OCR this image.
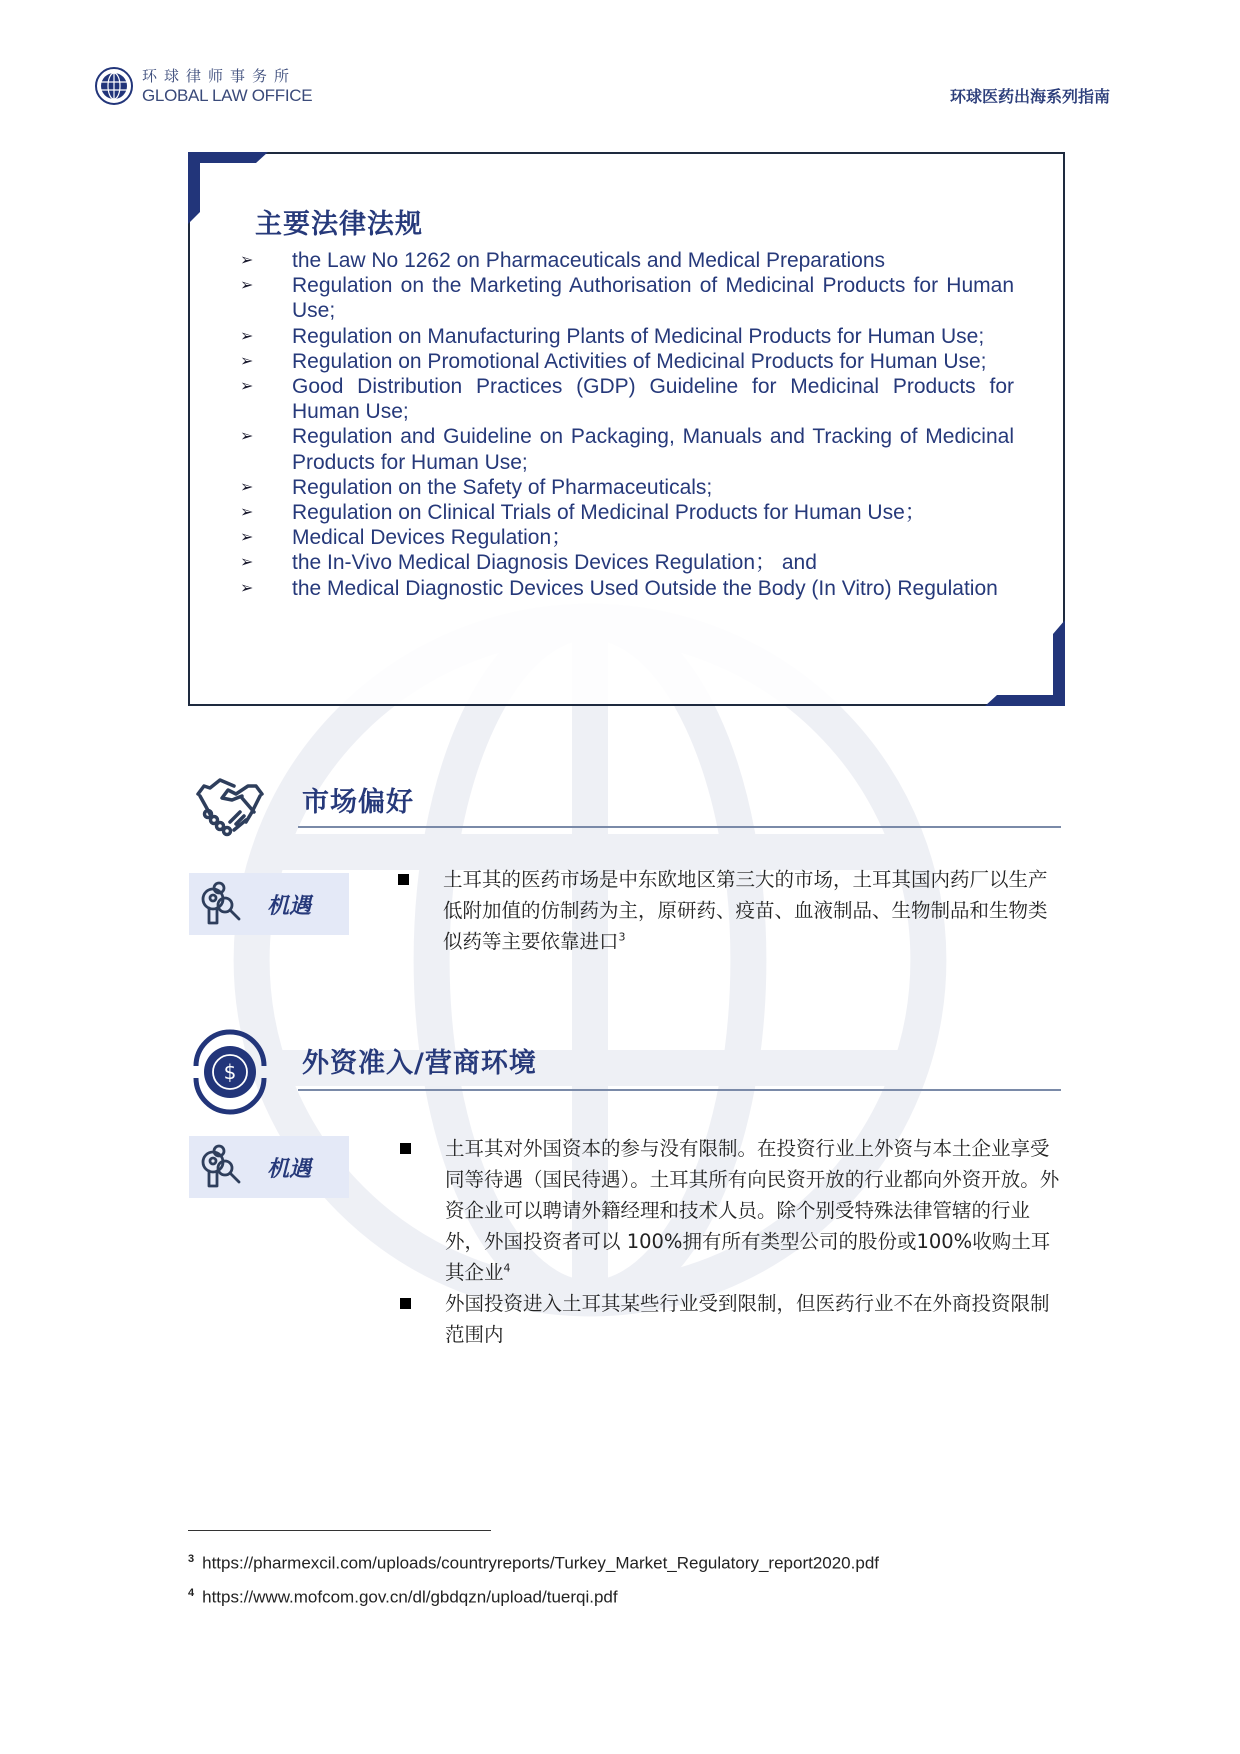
环球律师事务所
GLOBAL LAW OFFICE	环球医药出海系列指南
主要法律法规
➢ the Law No 1262 on Pharmaceuticals and Medical Preparations
➢ Regulation on the Marketing Authorisation of Medicinal Products for Human Use;
➢ Regulation on Manufacturing Plants of Medicinal Products for Human Use;
➢ Regulation on Promotional Activities of Medicinal Products for Human Use;
➢ Good Distribution Practices (GDP) Guideline for Medicinal Products for Human Use;
➢ Regulation and Guideline on Packaging, Manuals and Tracking of Medicinal Products for Human Use;
➢ Regulation on the Safety of Pharmaceuticals;
➢ Regulation on Clinical Trials of Medicinal Products for Human Use；
➢ Medical Devices Regulation；
➢ the In-Vivo Medical Diagnosis Devices Regulation； and
➢ the Medical Diagnostic Devices Used Outside the Body (In Vitro) Regulation
市场偏好
机遇
土耳其的医药市场是中东欧地区第三大的市场，土耳其国内药厂以生产低附加值的仿制药为主，原研药、疫苗、血液制品、生物制品和生物类似药等主要依靠进口$^3$
$ 外资准入/营商环境
机遇
土耳其对外国资本的参与没有限制。在投资行业上外资与本土企业享受同等待遇（国民待遇）。土耳其所有向民资开放的行业都向外资开放。外资企业可以聘请外籍经理和技术人员。除个别受特殊法律管辖的行业外，外国投资者可以 100%拥有所有类型公司的股份或100%收购土耳其企业$^4$
外国投资进入土耳其某些行业受到限制，但医药行业不在外商投资限制范围内
$^3$ https://pharmexcil.com/uploads/countryreports/Turkey_Market_Regulatory_report2020.pdf
$^4$ https://www.mofcom.gov.cn/dl/gbdqzn/upload/tuerqi.pdf
